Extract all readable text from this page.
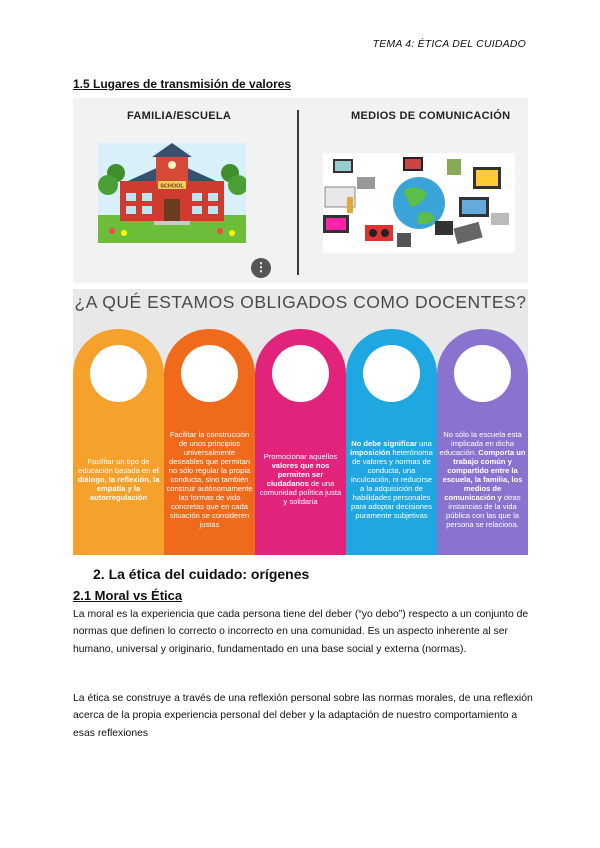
TEMA 4: ÉTICA DEL CUIDADO
1.5 Lugares de transmisión de valores
FAMILIA/ESCUELA	MEDIOS DE COMUNICACIÓN
SCHOOL
⋮
¿A QUÉ ESTAMOS OBLIGADOS COMO DOCENTES?
Facilitar un tipo de educación basada en el diálogo, la reflexión, la empatía y la autorregulación
Facilitar la construcción de unos principios universalmente deseables que permitan no sólo regular la propia conducta, sino también construir autónomamente las formas de vida concretas que en cada situación se consideren justas
Promocionar aquellos valores que nos permiten ser ciudadanos de una comunidad política justa y solidaria
No debe significar una imposición heterónoma de valores y normas de conducta, una inculcación, ni reducirse a la adquisición de habilidades personales para adoptar decisiones puramente subjetivas
No sólo la escuela está implicada en dicha educación. Comporta un trabajo común y compartido entre la escuela, la familia, los medios de comunicación y otras instancias de la vida pública con las que la persona se relaciona.
2. La ética del cuidado: orígenes
2.1 Moral vs Ética
La moral es la experiencia que cada persona tiene del deber (“yo debo”) respecto a un conjunto de normas que definen lo correcto o incorrecto en una comunidad. Es un aspecto inherente al ser humano, universal y originario, fundamentado en una base social y externa (normas).
La ética se construye a través de una reflexión personal sobre las normas morales, de una reflexión acerca de la propia experiencia personal del deber y la adaptación de nuestro comportamiento a esas reflexiones
